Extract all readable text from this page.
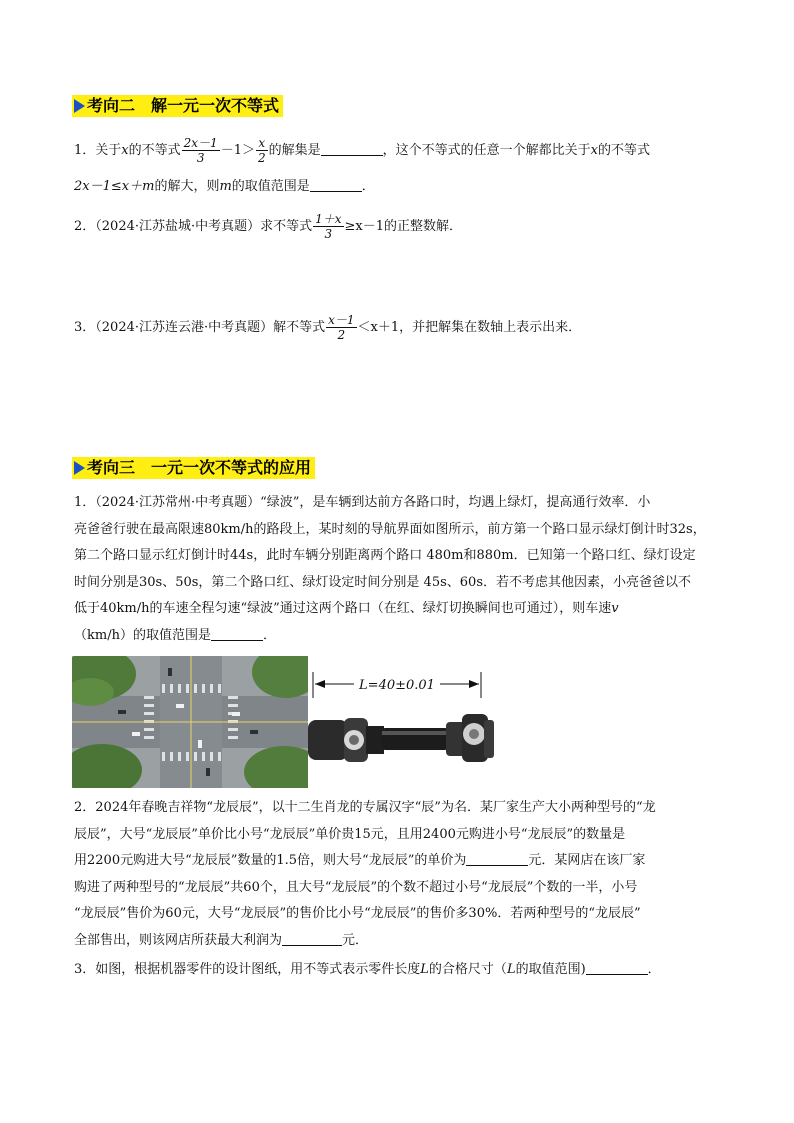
考向二 解一元一次不等式
1．关于x的不等式 $\frac{2x-1}{3} -1> \frac{x}{2}$ 的解集是	，这个不等式的任意一个解都比关于x的不等式
2x－1≤x＋m的解大，则m的取值范围是	．
2．（2024·江苏盐城·中考真题）求不等式 $\frac{1+x}{3} \ge x-1$的正整数解．
3．（2024·江苏连云港·中考真题）解不等式 $\frac{x-1}{2} <x+1$，并把解集在数轴上表示出来．
考向三 一元一次不等式的应用
1．（2024·江苏常州·中考真题）“绿波”，是车辆到达前方各路口时，均遇上绿灯，提高通行效率．小
亮爸爸行驶在最高限速80km/h的路段上，某时刻的导航界面如图所示，前方第一个路口显示绿灯倒计时32s，
第二个路口显示红灯倒计时44s，此时车辆分别距离两个路口 480m和880m．已知第一个路口红、绿灯设定
时间分别是30s、50s，第二个路口红、绿灯设定时间分别是 45s、60s．若不考虑其他因素，小亮爸爸以不
低于40km/h的车速全程匀速“绿波”通过这两个路口（在红、绿灯切换瞬间也可通过），则车速v
（km/h）的取值范围是	．
L=40±0.01
2．2024年春晚吉祥物“龙辰辰”，以十二生肖龙的专属汉字“辰”为名．某厂家生产大小两种型号的“龙
辰辰”，大号“龙辰辰”单价比小号“龙辰辰”单价贵15元，且用2400元购进小号“龙辰辰”的数量是
用2200元购进大号“龙辰辰”数量的1.5倍，则大号“龙辰辰”的单价为	元．某网店在该厂家
购进了两种型号的“龙辰辰”共60个，且大号“龙辰辰”的个数不超过小号“龙辰辰”个数的一半，小号
“龙辰辰”售价为60元，大号“龙辰辰”的售价比小号“龙辰辰”的售价多30%．若两种型号的“龙辰辰”
全部售出，则该网店所获最大利润为	元．
3．如图，根据机器零件的设计图纸，用不等式表示零件长度L的合格尺寸（L的取值范围)	．
